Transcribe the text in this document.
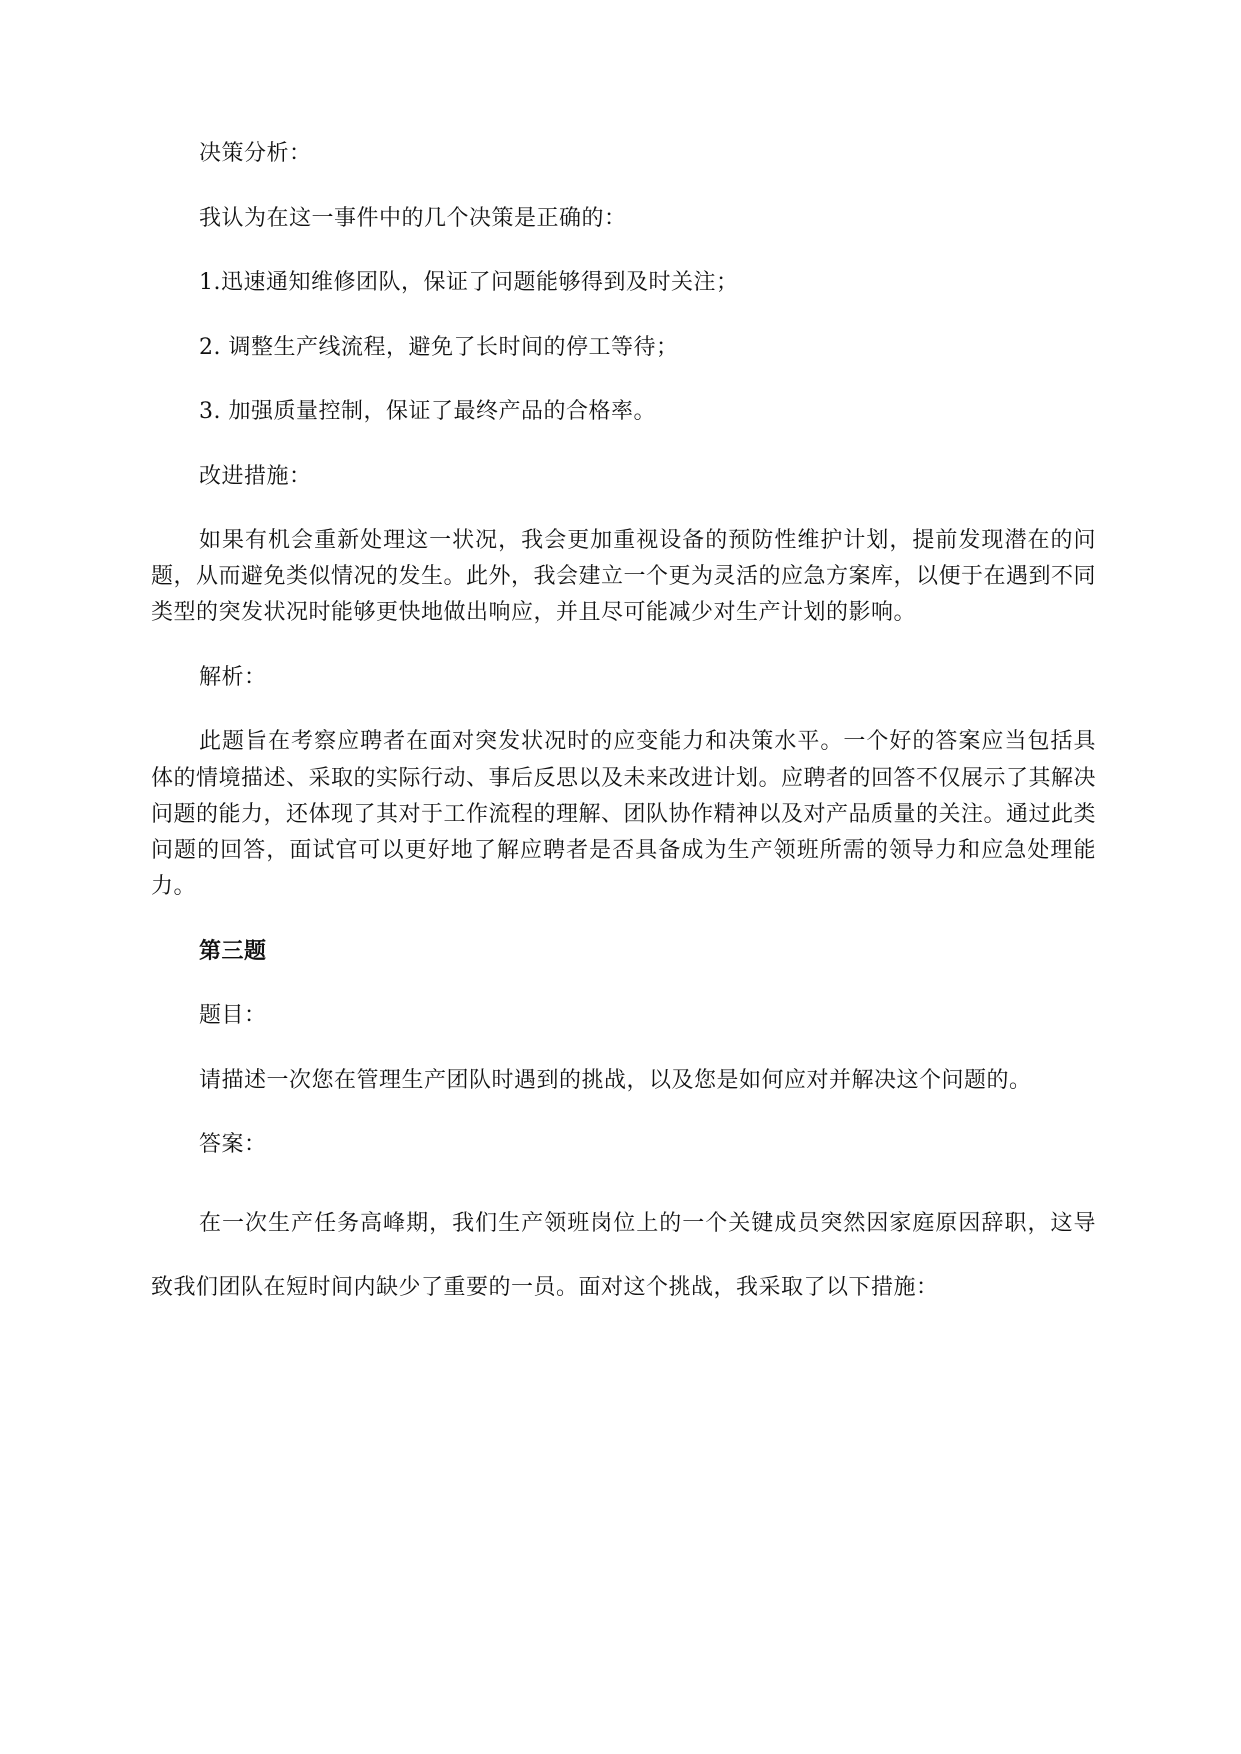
决策分析：

我认为在这一事件中的几个决策是正确的：

1.迅速通知维修团队，保证了问题能够得到及时关注；

2. 调整生产线流程，避免了长时间的停工等待；

3. 加强质量控制，保证了最终产品的合格率。

改进措施：

如果有机会重新处理这一状况，我会更加重视设备的预防性维护计划，提前发现潜在的问题，从而避免类似情况的发生。此外，我会建立一个更为灵活的应急方案库，以便于在遇到不同类型的突发状况时能够更快地做出响应，并且尽可能减少对生产计划的影响。

解析：

此题旨在考察应聘者在面对突发状况时的应变能力和决策水平。一个好的答案应当包括具体的情境描述、采取的实际行动、事后反思以及未来改进计划。应聘者的回答不仅展示了其解决问题的能力，还体现了其对于工作流程的理解、团队协作精神以及对产品质量的关注。通过此类问题的回答，面试官可以更好地了解应聘者是否具备成为生产领班所需的领导力和应急处理能力。

第三题

题目：

请描述一次您在管理生产团队时遇到的挑战，以及您是如何应对并解决这个问题的。

答案：

在一次生产任务高峰期，我们生产领班岗位上的一个关键成员突然因家庭原因辞职，这导致我们团队在短时间内缺少了重要的一员。面对这个挑战，我采取了以下措施：
